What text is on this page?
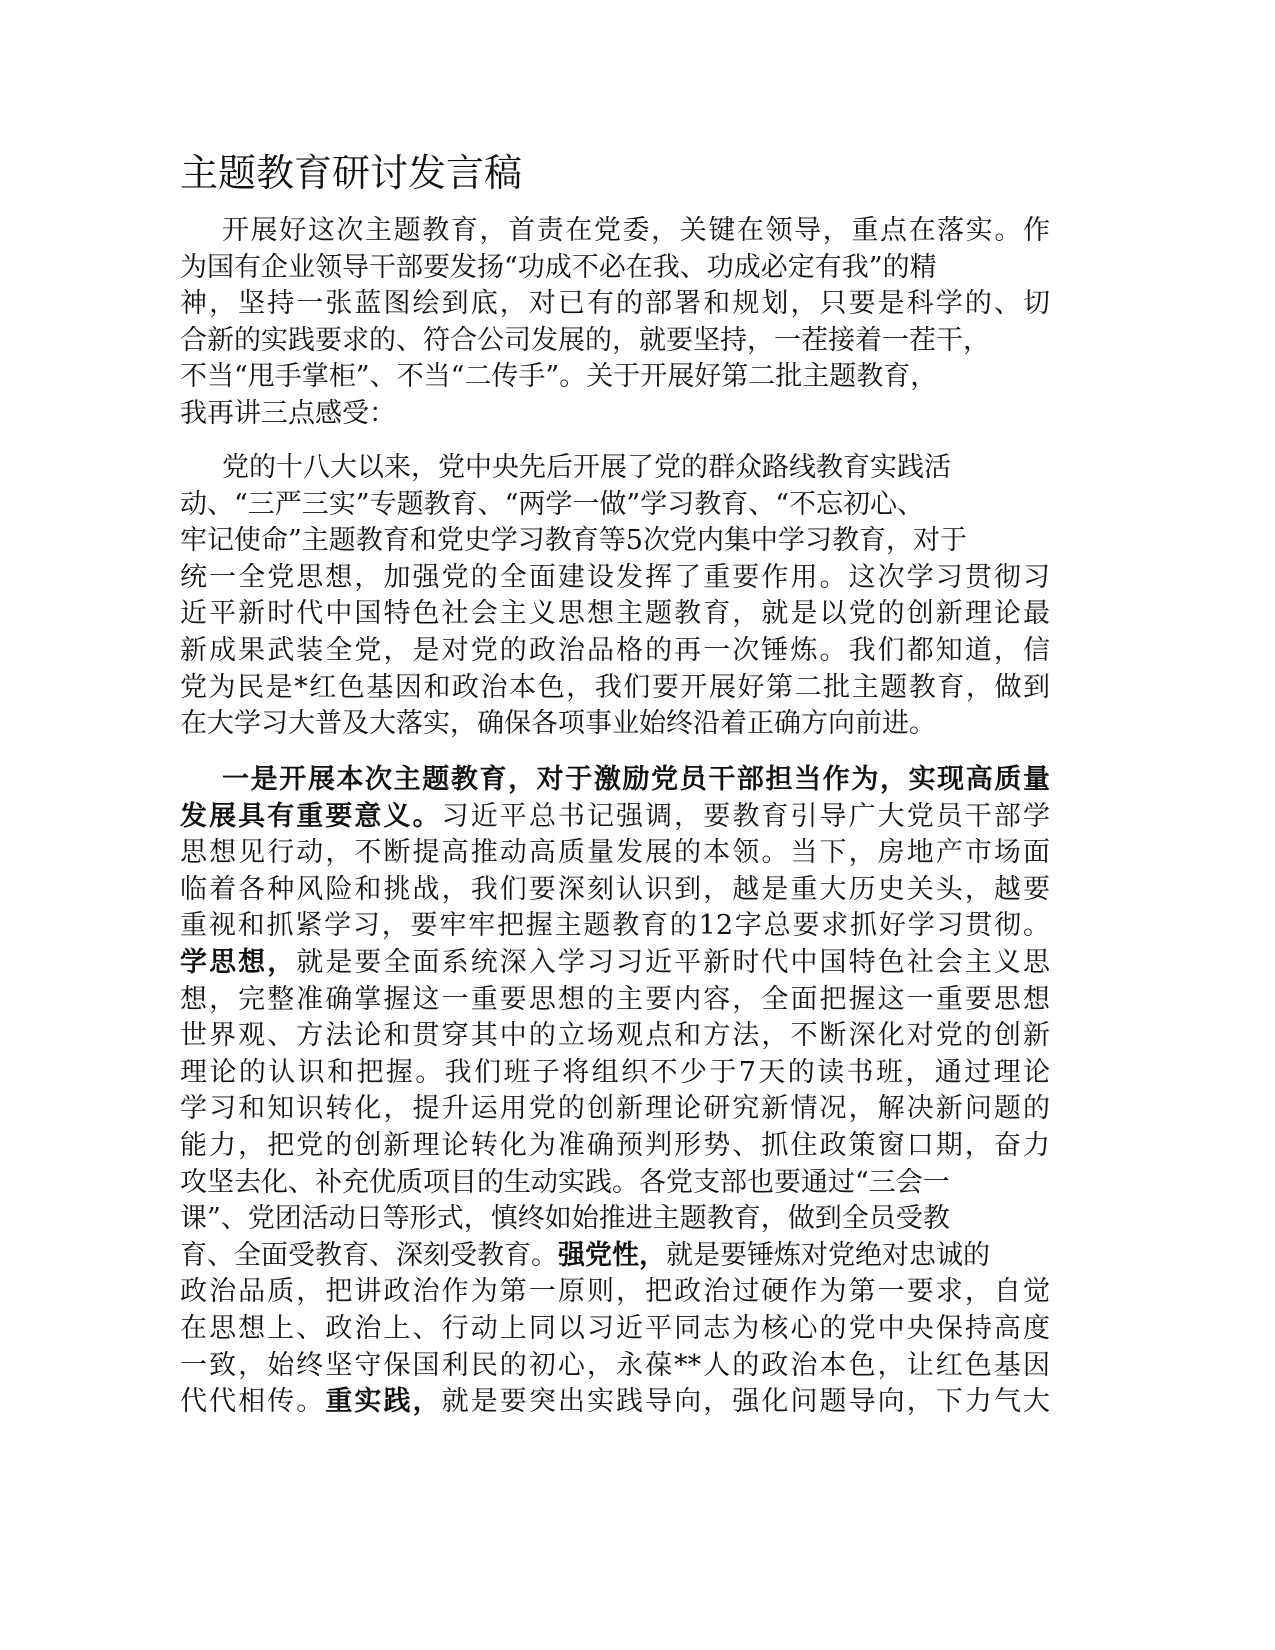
主题教育研讨发言稿
开展好这次主题教育，首责在党委，关键在领导，重点在落实。作
为国有企业领导干部要发扬“功成不必在我、功成必定有我”的精
神，坚持一张蓝图绘到底，对已有的部署和规划，只要是科学的、切
合新的实践要求的、符合公司发展的，就要坚持，一茬接着一茬干，
不当“甩手掌柜”、不当“二传手”。关于开展好第二批主题教育，
我再讲三点感受：
党的十八大以来，党中央先后开展了党的群众路线教育实践活
动、“三严三实”专题教育、“两学一做”学习教育、“不忘初心、
牢记使命”主题教育和党史学习教育等5次党内集中学习教育，对于
统一全党思想，加强党的全面建设发挥了重要作用。这次学习贯彻习
近平新时代中国特色社会主义思想主题教育，就是以党的创新理论最
新成果武装全党，是对党的政治品格的再一次锤炼。我们都知道，信
党为民是*红色基因和政治本色，我们要开展好第二批主题教育，做到
在大学习大普及大落实，确保各项事业始终沿着正确方向前进。
一是开展本次主题教育，对于激励党员干部担当作为，实现高质量
发展具有重要意义。习近平总书记强调，要教育引导广大党员干部学
思想见行动，不断提高推动高质量发展的本领。当下，房地产市场面
临着各种风险和挑战，我们要深刻认识到，越是重大历史关头，越要
重视和抓紧学习，要牢牢把握主题教育的12字总要求抓好学习贯彻。
学思想，就是要全面系统深入学习习近平新时代中国特色社会主义思
想，完整准确掌握这一重要思想的主要内容，全面把握这一重要思想
世界观、方法论和贯穿其中的立场观点和方法，不断深化对党的创新
理论的认识和把握。我们班子将组织不少于7天的读书班，通过理论
学习和知识转化，提升运用党的创新理论研究新情况，解决新问题的
能力，把党的创新理论转化为准确预判形势、抓住政策窗口期，奋力
攻坚去化、补充优质项目的生动实践。各党支部也要通过“三会一
课”、党团活动日等形式，慎终如始推进主题教育，做到全员受教
育、全面受教育、深刻受教育。强党性，就是要锤炼对党绝对忠诚的
政治品质，把讲政治作为第一原则，把政治过硬作为第一要求，自觉
在思想上、政治上、行动上同以习近平同志为核心的党中央保持高度
一致，始终坚守保国利民的初心，永葆**人的政治本色，让红色基因
代代相传。重实践，就是要突出实践导向，强化问题导向，下力气大
